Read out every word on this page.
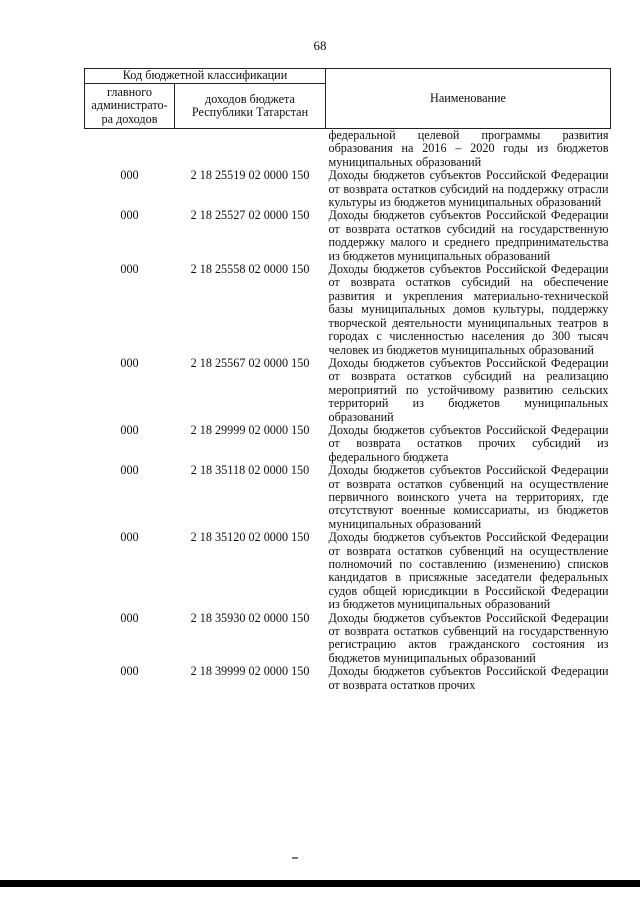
68
Код бюджетной классификации		Наименование
главного администрато-ра доходов	доходов бюджета Республики Татарстан	

		федеральной целевой программы развития образования на 2016 – 2020 годы из бюджетов муниципальных образований

000	2 18 25519 02 0000 150	Доходы бюджетов субъектов Российской Федерации от возврата остатков субсидий на поддержку отрасли культуры из бюджетов муниципальных образований

000	2 18 25527 02 0000 150	Доходы бюджетов субъектов Российской Федерации от возврата остатков субсидий на государственную поддержку малого и среднего предпринимательства из бюджетов муниципальных образований

000	2 18 25558 02 0000 150	Доходы бюджетов субъектов Российской Федерации от возврата остатков субсидий на обеспечение развития и укрепления материально-технической базы муниципальных домов культуры, поддержку творческой деятельности муниципальных театров в городах с численностью населения до 300 тысяч человек из бюджетов муниципальных образований

000	2 18 25567 02 0000 150	Доходы бюджетов субъектов Российской Федерации от возврата остатков субсидий на реализацию мероприятий по устойчивому развитию сельских территорий из бюджетов муниципальных образований

000	2 18 29999 02 0000 150	Доходы бюджетов субъектов Российской Федерации от возврата остатков прочих субсидий из федерального бюджета

000	2 18 35118 02 0000 150	Доходы бюджетов субъектов Российской Федерации от возврата остатков субвенций на осуществление первичного воинского учета на территориях, где отсутствуют военные комиссариаты, из бюджетов муниципальных образований

000	2 18 35120 02 0000 150	Доходы бюджетов субъектов Российской Федерации от возврата остатков субвенций на осуществление полномочий по составлению (изменению) списков кандидатов в присяжные заседатели федеральных судов общей юрисдикции в Российской Федерации из бюджетов муниципальных образований

000	2 18 35930 02 0000 150	Доходы бюджетов субъектов Российской Федерации от возврата остатков субвенций на государственную регистрацию актов гражданского состояния из бюджетов муниципальных образований

000	2 18 39999 02 0000 150	Доходы бюджетов субъектов Российской Федерации от возврата остатков прочих
